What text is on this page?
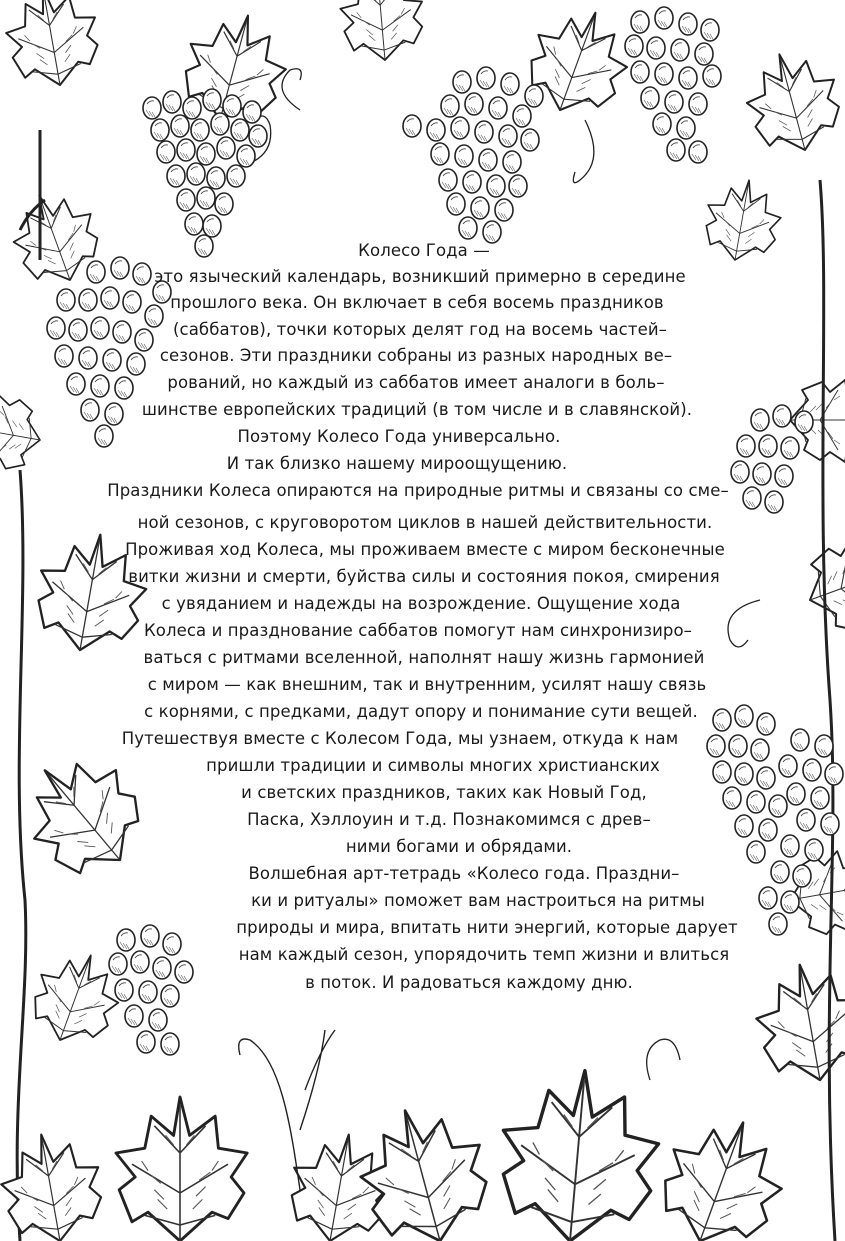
Колесо Года —
это языческий календарь, возникший примерно в середине
прошлого века. Он включает в себя восемь праздников
(саббатов), точки которых делят год на восемь частей–
сезонов. Эти праздники собраны из разных народных ве–
рований, но каждый из саббатов имеет аналоги в боль–
шинстве европейских традиций (в том числе и в славянской).
Поэтому Колесо Года универсально.
И так близко нашему мироощущению.
Праздники Колеса опираются на природные ритмы и связаны со сме–
ной сезонов, с круговоротом циклов в нашей действительности.
Проживая ход Колеса, мы проживаем вместе с миром бесконечные
витки жизни и смерти, буйства силы и состояния покоя, смирения
с увяданием и надежды на возрождение. Ощущение хода
Колеса и празднование саббатов помогут нам синхронизиро–
ваться с ритмами вселенной, наполнят нашу жизнь гармонией
с миром — как внешним, так и внутренним, усилят нашу связь
с корнями, с предками, дадут опору и понимание сути вещей.
Путешествуя вместе с Колесом Года, мы узнаем, откуда к нам
пришли традиции и символы многих христианских
и светских праздников, таких как Новый Год,
Паска, Хэллоуин и т.д. Познакомимся с древ–
ними богами и обрядами.
Волшебная арт-тетрадь «Колесо года. Праздни–
ки и ритуалы» поможет вам настроиться на ритмы
природы и мира, впитать нити энергий, которые дарует
нам каждый сезон, упорядочить темп жизни и влиться
в поток. И радоваться каждому дню.
